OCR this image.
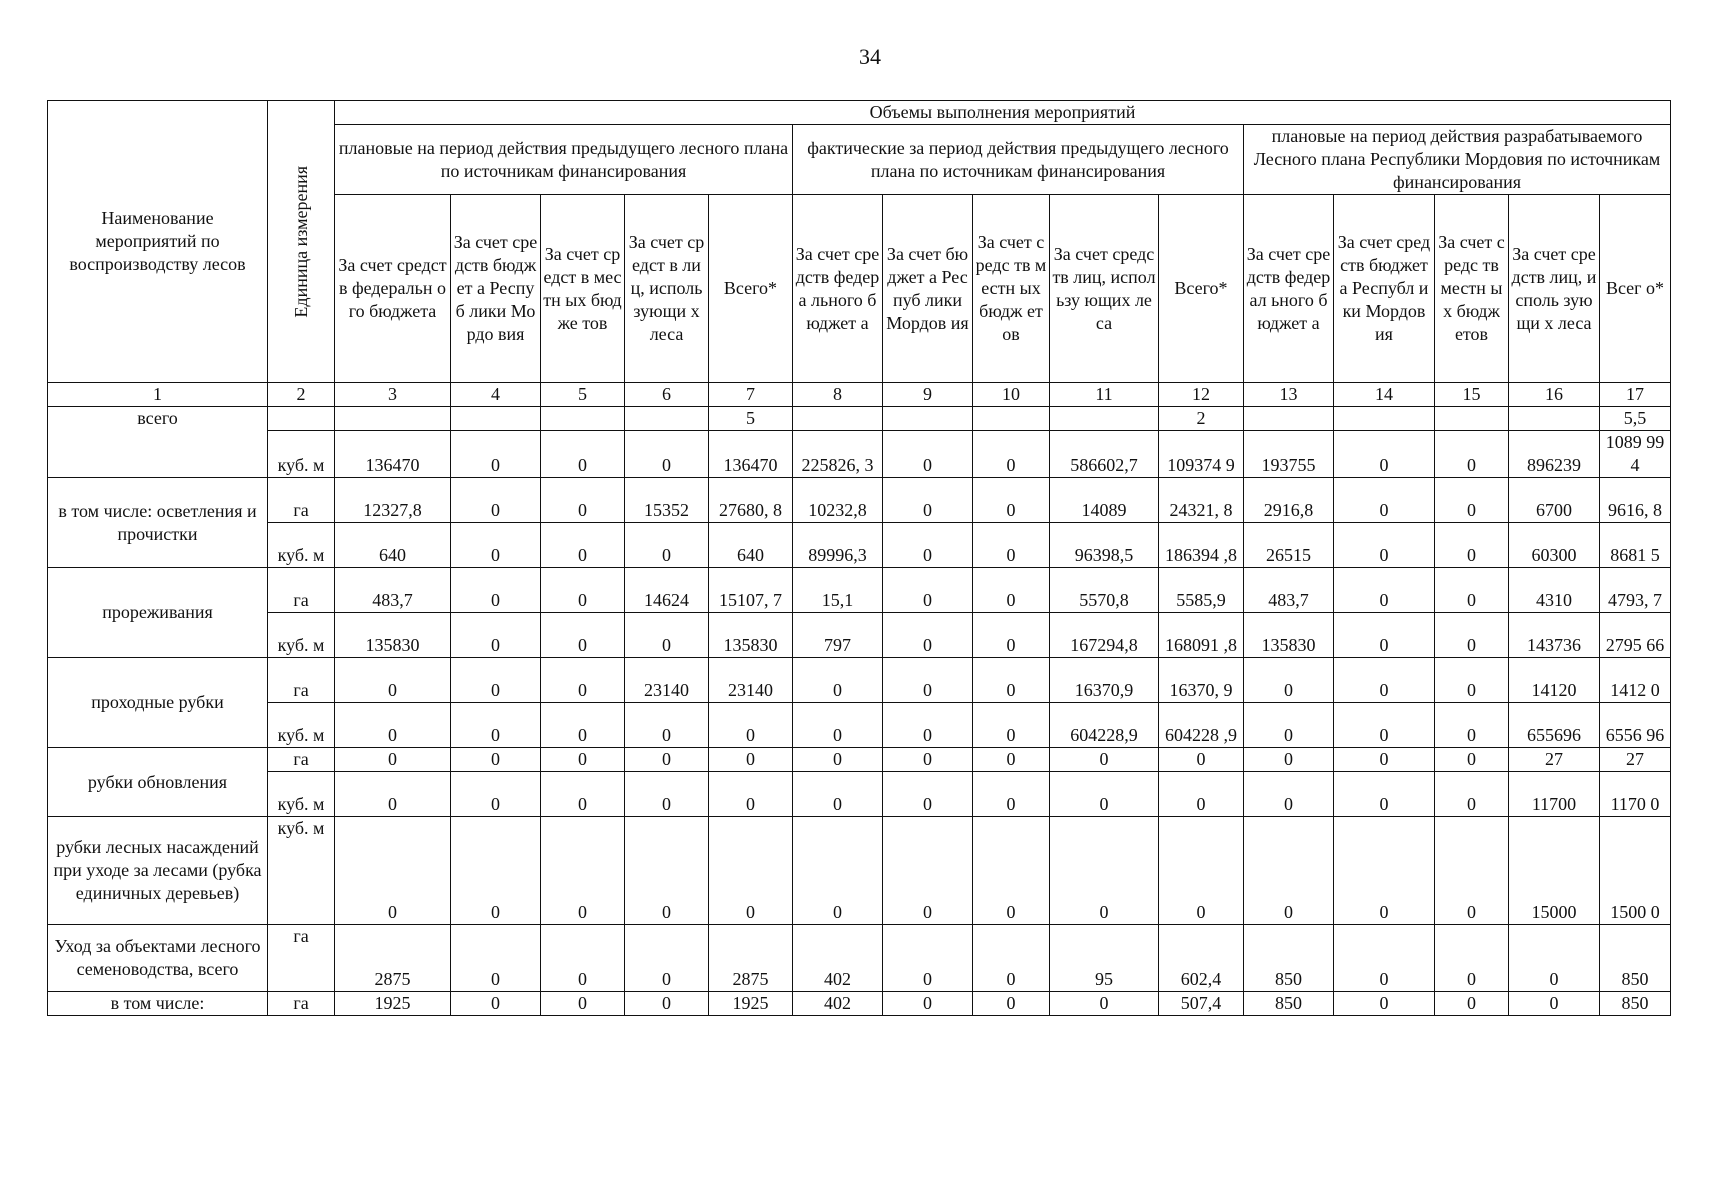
34
Наименование мероприятий по воспроизводству лесов	Единица измерения	Объемы выполнения мероприятий														
		плановые на период действия предыдущего лесного плана по источникам финансирования					фактические за период действия предыдущего лесного плана по источникам финансирования					плановые на период действия разрабатываемого Лесного плана Республики Мордовия по источникам финансирования				
		За счет средств федеральн ого бюджета	За счет средств бюджет а Респуб лики Мордо вия	За счет средст в местн ых бюдже тов	За счет средст в лиц, исполь зующи х леса	Всего*	За счет средств федера льного бюджет а	За счет бюджет а Респуб лики Мордов ия	За счет средс тв местн ых бюдж етов	За счет средств лиц, использу ющих леса	Всего*	За счет средств федерал ьного бюджет а	За счет средств бюджет а Республ ики Мордов ия	За счет средс тв местн ых бюдж етов	За счет средств лиц, исполь зующи х леса	Всег о*
1	2	3	4	5	6	7	8	9	10	11	12	13	14	15	16	17
всего						5					2					5,5
	куб. м	136470	0	0	0	136470	225826, 3	0	0	586602,7	109374 9	193755	0	0	896239	1089 994
в том числе: осветления и прочистки	га	12327,8	0	0	15352	27680, 8	10232,8	0	0	14089	24321, 8	2916,8	0	0	6700	9616, 8
	куб. м	640	0	0	0	640	89996,3	0	0	96398,5	186394 ,8	26515	0	0	60300	8681 5
прореживания	га	483,7	0	0	14624	15107, 7	15,1	0	0	5570,8	5585,9	483,7	0	0	4310	4793, 7
	куб. м	135830	0	0	0	135830	797	0	0	167294,8	168091 ,8	135830	0	0	143736	2795 66
проходные рубки	га	0	0	0	23140	23140	0	0	0	16370,9	16370, 9	0	0	0	14120	1412 0
	куб. м	0	0	0	0	0	0	0	0	604228,9	604228 ,9	0	0	0	655696	6556 96
рубки обновления	га	0	0	0	0	0	0	0	0	0	0	0	0	0	27	27
	куб. м	0	0	0	0	0	0	0	0	0	0	0	0	0	11700	1170 0
рубки лесных насаждений при уходе за лесами (рубка единичных деревьев)	куб. м	0	0	0	0	0	0	0	0	0	0	0	0	0	15000	1500 0
Уход за объектами лесного семеноводства, всего	га	2875	0	0	0	2875	402	0	0	95	602,4	850	0	0	0	850
в том числе:	га	1925	0	0	0	1925	402	0	0	0	507,4	850	0	0	0	850
